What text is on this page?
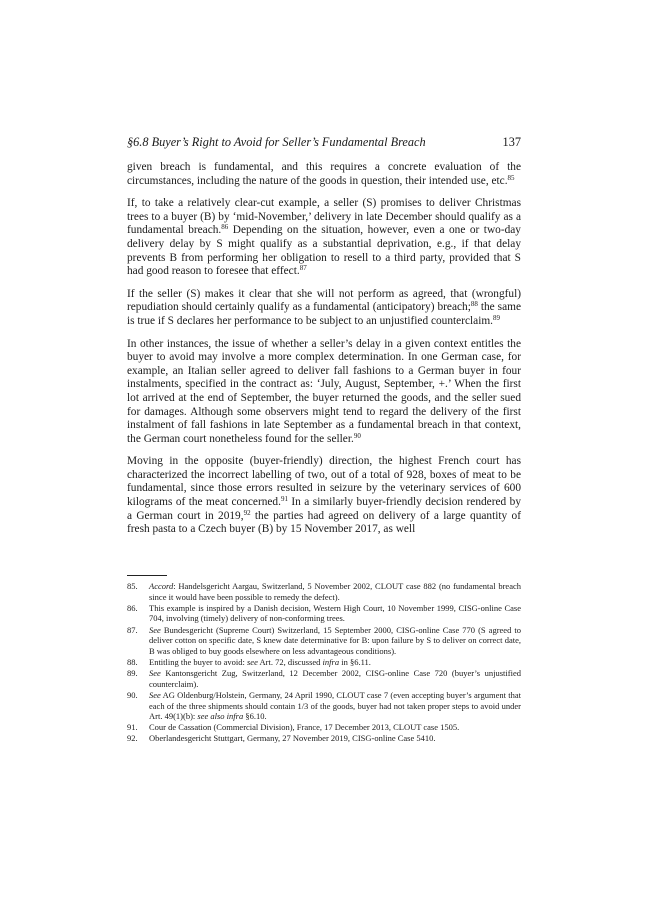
§6.8 Buyer’s Right to Avoid for Seller’s Fundamental Breach	137

given breach is fundamental, and this requires a concrete evaluation of the circumstances, including the nature of the goods in question, their intended use, etc.$^{85}$

If, to take a relatively clear-cut example, a seller (S) promises to deliver Christmas trees to a buyer (B) by ‘mid-November,’ delivery in late December should qualify as a fundamental breach.$^{86}$ Depending on the situation, however, even a one or two-day delivery delay by S might qualify as a substantial deprivation, e.g., if that delay prevents B from performing her obligation to resell to a third party, provided that S had good reason to foresee that effect.$^{87}$

If the seller (S) makes it clear that she will not perform as agreed, that (wrongful) repudiation should certainly qualify as a fundamental (anticipatory) breach;$^{88}$ the same is true if S declares her performance to be subject to an unjustified counterclaim.$^{89}$

In other instances, the issue of whether a seller’s delay in a given context entitles the buyer to avoid may involve a more complex determination. In one German case, for example, an Italian seller agreed to deliver fall fashions to a German buyer in four instalments, specified in the contract as: ‘July, August, September, +.’ When the first lot arrived at the end of September, the buyer returned the goods, and the seller sued for damages. Although some observers might tend to regard the delivery of the first instalment of fall fashions in late September as a fundamental breach in that context, the German court nonetheless found for the seller.$^{90}$

Moving in the opposite (buyer-friendly) direction, the highest French court has characterized the incorrect labelling of two, out of a total of 928, boxes of meat to be fundamental, since those errors resulted in seizure by the veterinary services of 600 kilograms of the meat concerned.$^{91}$ In a similarly buyer-friendly decision rendered by a German court in 2019,92 the parties had agreed on delivery of a large quantity of fresh pasta to a Czech buyer (B) by 15 November 2017, as well

85.	Accord: Handelsgericht Aargau, Switzerland, 5 November 2002, CLOUT case 882 (no fundamental breach since it would have been possible to remedy the defect).
86.	This example is inspired by a Danish decision, Western High Court, 10 November 1999, CISG-online Case 704, involving (timely) delivery of non-conforming trees.
87.	See Bundesgericht (Supreme Court) Switzerland, 15 September 2000, CISG-online Case 770 (S agreed to deliver cotton on specific date, S knew date determinative for B: upon failure by S to deliver on correct date, B was obliged to buy goods elsewhere on less advantageous conditions).
88.	Entitling the buyer to avoid: see Art. 72, discussed infra in §6.11.
89.	See Kantonsgericht Zug, Switzerland, 12 December 2002, CISG-online Case 720 (buyer’s unjustified counterclaim).
90.	See AG Oldenburg/Holstein, Germany, 24 April 1990, CLOUT case 7 (even accepting buyer’s argument that each of the three shipments should contain 1/3 of the goods, buyer had not taken proper steps to avoid under Art. 49(1)(b): see also infra §6.10.
91.	Cour de Cassation (Commercial Division), France, 17 December 2013, CLOUT case 1505.
92.	Oberlandesgericht Stuttgart, Germany, 27 November 2019, CISG-online Case 5410.
